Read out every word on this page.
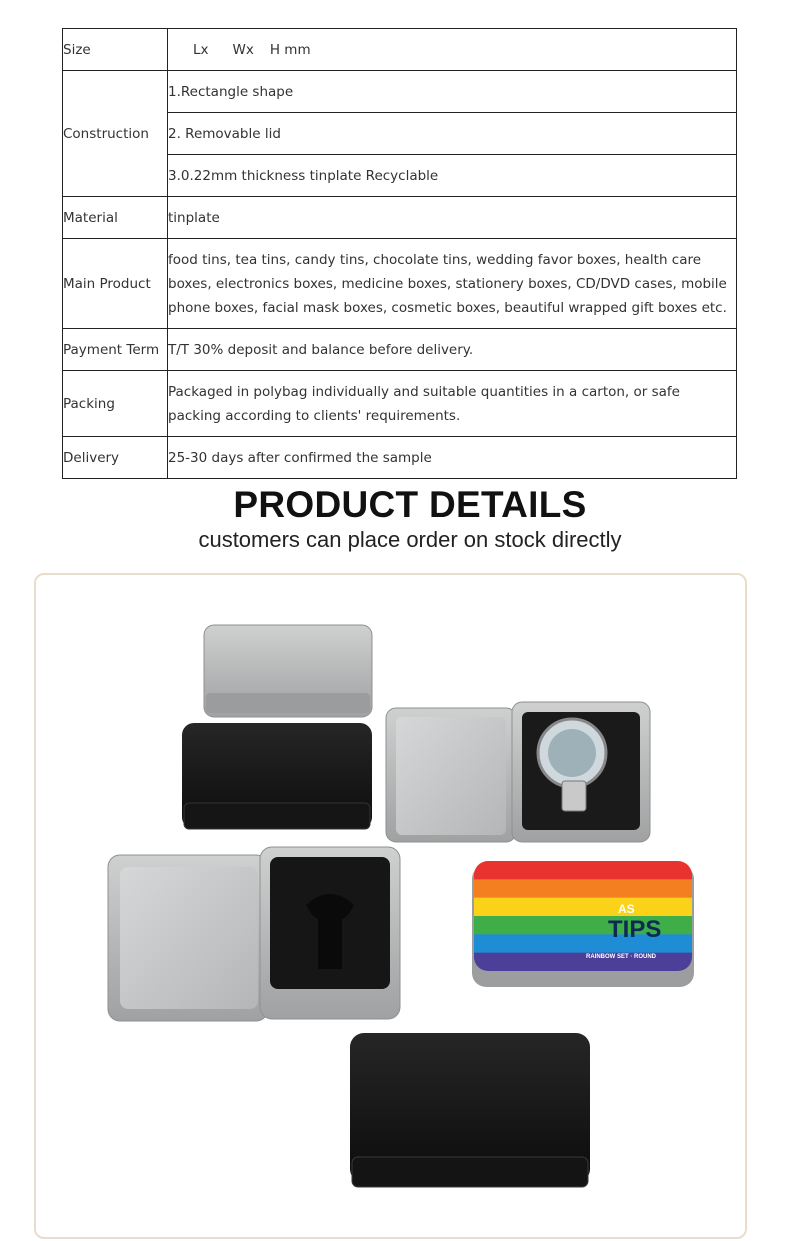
Size	Lx Wx H mm
Construction	1.Rectangle shape
	2. Removable lid
	3.0.22mm thickness tinplate Recyclable
Material	tinplate
Main Product	food tins, tea tins, candy tins, chocolate tins, wedding favor boxes, health care boxes, electronics boxes, medicine boxes, stationery boxes, CD/DVD cases, mobile phone boxes, facial mask boxes, cosmetic boxes, beautiful wrapped gift boxes etc.
Payment Term	T/T 30% deposit and balance before delivery.
Packing	Packaged in polybag individually and suitable quantities in a carton, or safe packing according to clients' requirements.
Delivery	25-30 days after confirmed the sample
PRODUCT DETAILS
customers can place order on stock directly
AS
TIPS
RAINBOW SET · ROUND
